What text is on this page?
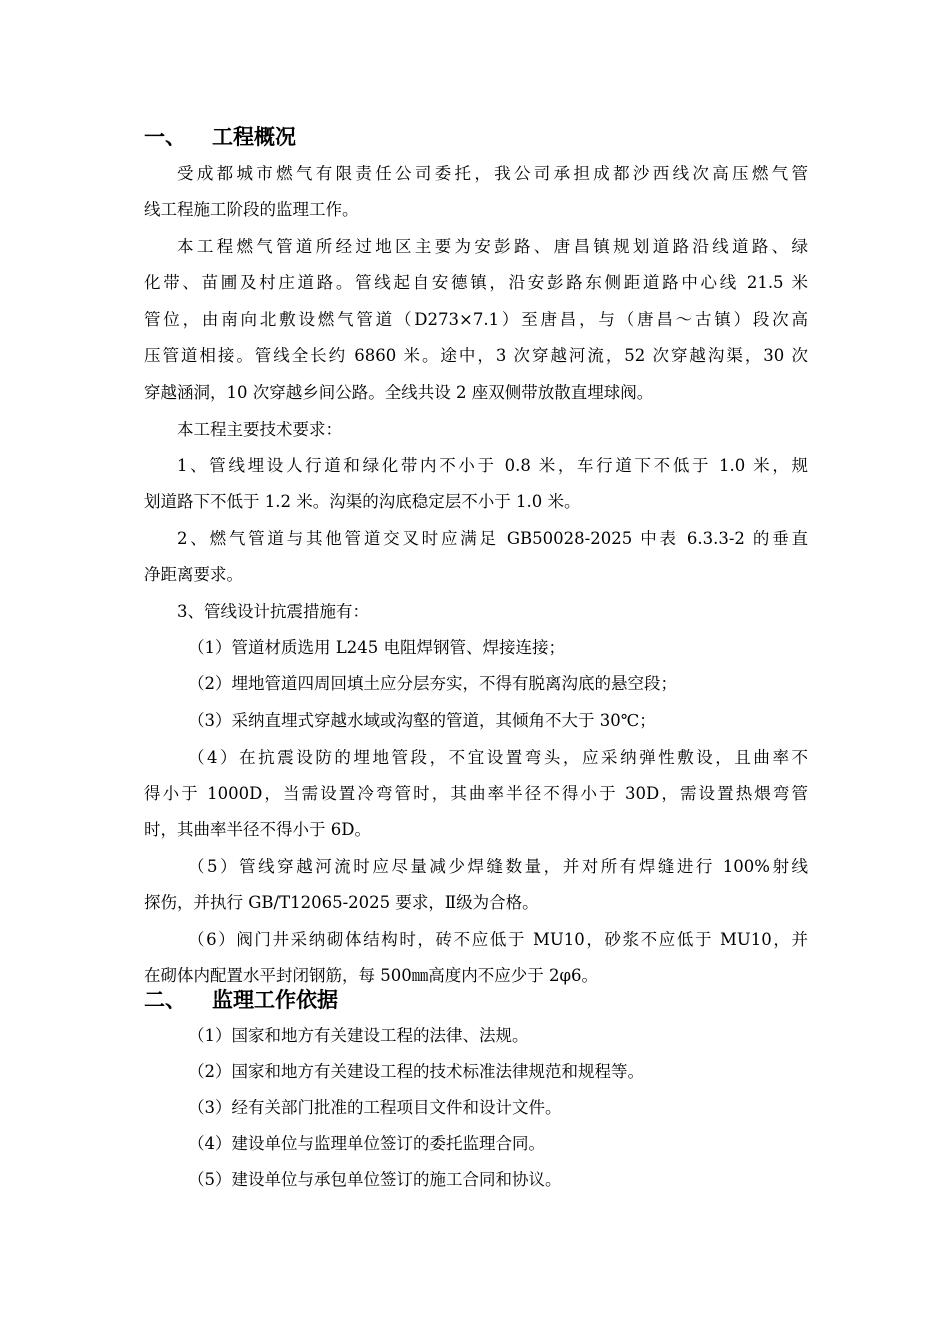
一、 工程概况
受成都城市燃气有限责任公司委托，我公司承担成都沙西线次高压燃气管
线工程施工阶段的监理工作。
本工程燃气管道所经过地区主要为安彭路、唐昌镇规划道路沿线道路、绿
化带、苗圃及村庄道路。管线起自安德镇，沿安彭路东侧距道路中心线 21.5 米
管位，由南向北敷设燃气管道（D273×7.1）至唐昌，与（唐昌～古镇）段次高
压管道相接。管线全长约 6860 米。途中，3 次穿越河流，52 次穿越沟渠，30 次
穿越涵洞，10 次穿越乡间公路。全线共设 2 座双侧带放散直埋球阀。
本工程主要技术要求：
1、管线埋设人行道和绿化带内不小于 0.8 米，车行道下不低于 1.0 米，规
划道路下不低于 1.2 米。沟渠的沟底稳定层不小于 1.0 米。
2、燃气管道与其他管道交叉时应满足 GB50028-2025 中表 6.3.3-2 的垂直
净距离要求。
3、管线设计抗震措施有：
（1）管道材质选用 L245 电阻焊钢管、焊接连接；
（2）埋地管道四周回填土应分层夯实，不得有脱离沟底的悬空段；
（3）采纳直埋式穿越水域或沟壑的管道，其倾角不大于 30℃；
（4）在抗震设防的埋地管段，不宜设置弯头，应采纳弹性敷设，且曲率不
得小于 1000D，当需设置冷弯管时，其曲率半径不得小于 30D，需设置热煨弯管
时，其曲率半径不得小于 6D。
（5）管线穿越河流时应尽量减少焊缝数量，并对所有焊缝进行 100%射线
探伤，并执行 GB/T12065-2025 要求，Ⅱ级为合格。
（6）阀门井采纳砌体结构时，砖不应低于 MU10，砂浆不应低于 MU10，并
在砌体内配置水平封闭钢筋，每 500㎜高度内不应少于 2φ6。
二、 监理工作依据
（1）国家和地方有关建设工程的法律、法规。
（2）国家和地方有关建设工程的技术标准法律规范和规程等。
（3）经有关部门批准的工程项目文件和设计文件。
（4）建设单位与监理单位签订的委托监理合同。
（5）建设单位与承包单位签订的施工合同和协议。
